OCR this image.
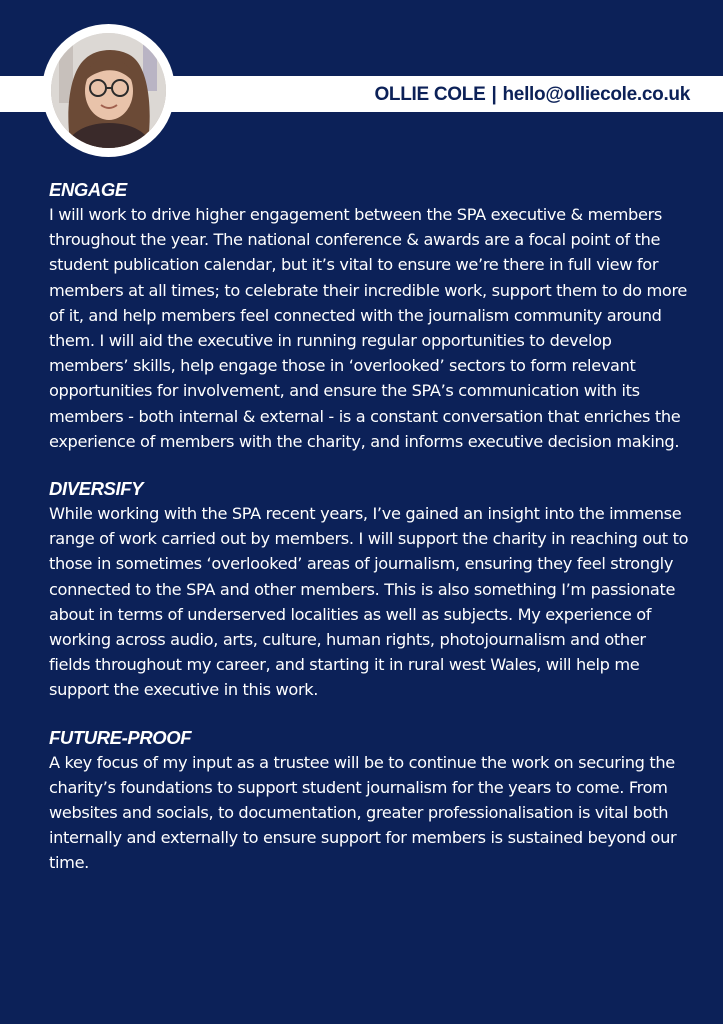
OLLIE COLE | hello@olliecole.co.uk
ENGAGE

I will work to drive higher engagement between the SPA executive & members throughout the year. The national conference & awards are a focal point of the student publication calendar, but it’s vital to ensure we’re there in full view for members at all times; to celebrate their incredible work, support them to do more of it, and help members feel connected with the journalism community around them. I will aid the executive in running regular opportunities to develop members’ skills, help engage those in ‘overlooked’ sectors to form relevant opportunities for involvement, and ensure the SPA’s communication with its members - both internal & external - is a constant conversation that enriches the experience of members with the charity, and informs executive decision making.

DIVERSIFY

While working with the SPA recent years, I’ve gained an insight into the immense range of work carried out by members. I will support the charity in reaching out to those in sometimes ‘overlooked’ areas of journalism, ensuring they feel strongly connected to the SPA and other members. This is also something I’m passionate about in terms of underserved localities as well as subjects. My experience of working across audio, arts, culture, human rights, photojournalism and other fields throughout my career, and starting it in rural west Wales, will help me support the executive in this work.

FUTURE-PROOF

A key focus of my input as a trustee will be to continue the work on securing the charity’s foundations to support student journalism for the years to come. From websites and socials, to documentation, greater professionalisation is vital both internally and externally to ensure support for members is sustained beyond our time.
